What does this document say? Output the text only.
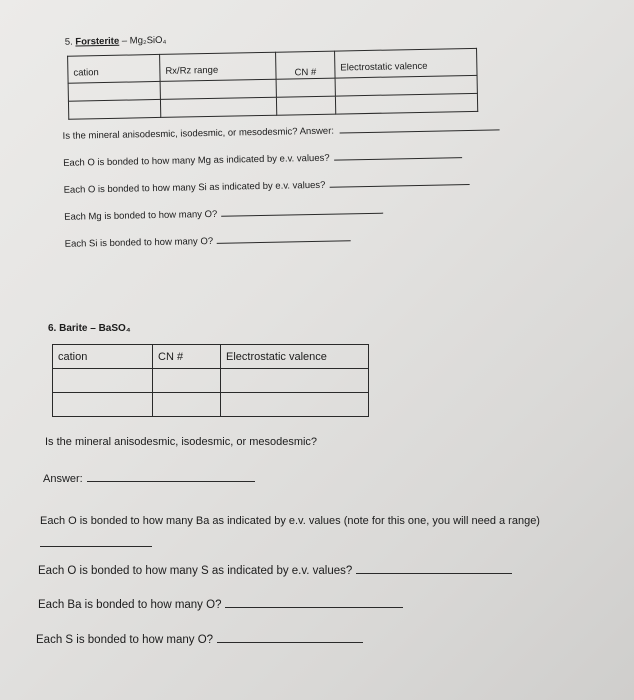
5. Forsterite – Mg₂SiO₄
cation	Rx/Rz range	CN #	Electrostatic valence

Is the mineral anisodesmic, isodesmic, or mesodesmic? Answer:
Each O is bonded to how many Mg as indicated by e.v. values?
Each O is bonded to how many Si as indicated by e.v. values?
Each Mg is bonded to how many O?
Each Si is bonded to how many O?
6. Barite – BaSO₄
cation	CN #	Electrostatic valence

Is the mineral anisodesmic, isodesmic, or mesodesmic?
Answer:
Each O is bonded to how many Ba as indicated by e.v. values (note for this one, you will need a range)
Each O is bonded to how many S as indicated by e.v. values?
Each Ba is bonded to how many O?
Each S is bonded to how many O?
